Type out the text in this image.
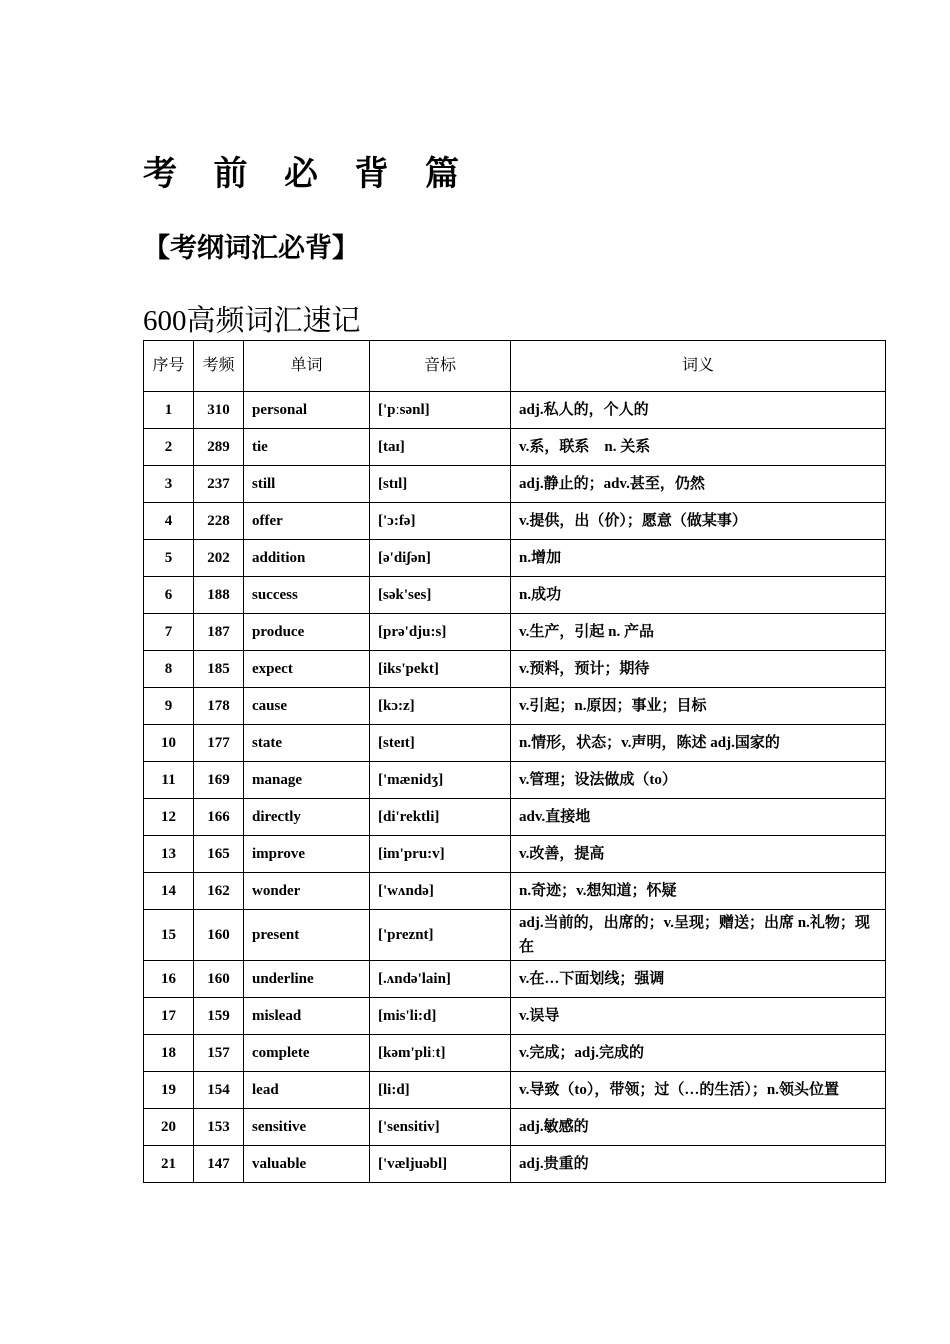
考 前 必 背 篇
【考纲词汇必背】
600高频词汇速记
序号	考频	单词	音标	词义
1	310	personal	['pːsənl]	adj.私人的，个人的
2	289	tie	[taɪ]	v.系，联系　n. 关系
3	237	still	[stɪl]	adj.静止的；adv.甚至，仍然
4	228	offer	['ɔ:fə]	v.提供，出（价）；愿意（做某事）
5	202	addition	[ə'diʃən]	n.增加
6	188	success	[sək'ses]	n.成功
7	187	produce	[prə'dju:s]	v.生产，引起 n. 产品
8	185	expect	[iks'pekt]	v.预料，预计；期待
9	178	cause	[kɔ:z]	v.引起；n.原因；事业；目标
10	177	state	[steɪt]	n.情形，状态；v.声明，陈述 adj.国家的
11	169	manage	['mænidʒ]	v.管理；设法做成（to）
12	166	directly	[di'rektli]	adv.直接地
13	165	improve	[im'pru:v]	v.改善，提高
14	162	wonder	['wʌndə]	n.奇迹；v.想知道；怀疑
15	160	present	['preznt]	adj.当前的，出席的；v.呈现；赠送；出席 n.礼物；现在
16	160	underline	[.ʌndə'lain]	v.在…下面划线；强调
17	159	mislead	[mis'li:d]	v.误导
18	157	complete	[kəm'pliːt]	v.完成；adj.完成的
19	154	lead	[li:d]	v.导致（to），带领；过（…的生活）；n.领头位置
20	153	sensitive	['sensitiv]	adj.敏感的
21	147	valuable	['væljuəbl]	adj.贵重的
